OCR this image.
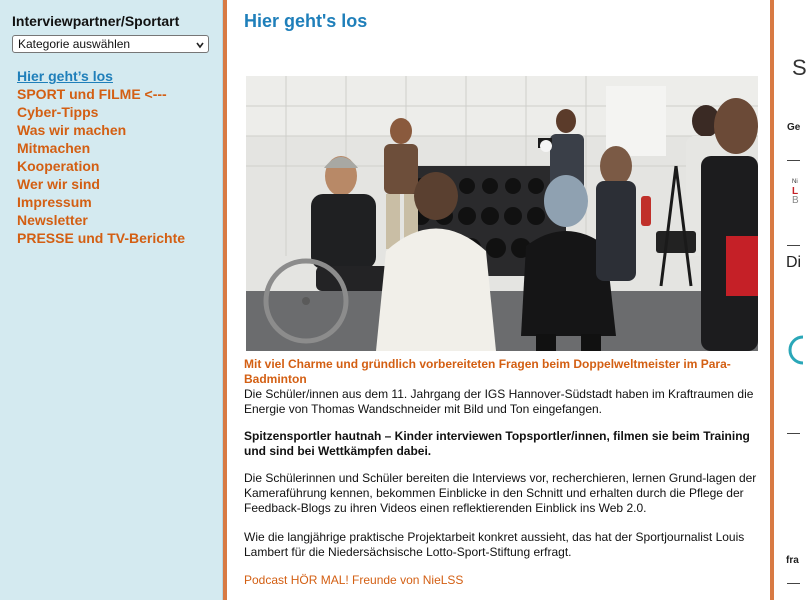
Interviewpartner/Sportart
Kategorie auswählen
Hier geht’s los
SPORT und FILME <---
Cyber-Tipps
Was wir machen
Mitmachen
Kooperation
Wer wir sind
Impressum
Newsletter
PRESSE und TV-Berichte
Hier geht's los

Mit viel Charme und gründlich vorbereiteten Fragen beim Doppelweltmeister im Para-Badminton

Die Schüler/innen aus dem 11. Jahrgang der IGS Hannover-Südstadt haben im Kraftraumen die Energie von Thomas Wandschneider mit Bild und Ton eingefangen.

Spitzensportler hautnah – Kinder interviewen Topsportler/innen, filmen sie beim Training und sind bei Wettkämpfen dabei.

Die Schülerinnen und Schüler bereiten die Interviews vor, recherchieren, lernen Grund-lagen der Kameraführung kennen, bekommen Einblicke in den Schnitt und erhalten durch die Pflege der Feedback-Blogs zu ihren Videos einen reflektierenden Einblick ins Web 2.0.

Wie die langjährige praktische Projektarbeit konkret aussieht, das hat der Sportjournalist Louis Lambert für die Niedersächsische Lotto-Sport-Stiftung erfragt.

Podcast HÖR MAL! Freunde von NieLSS
S
Ge
Ni
L
B
Di
fra
